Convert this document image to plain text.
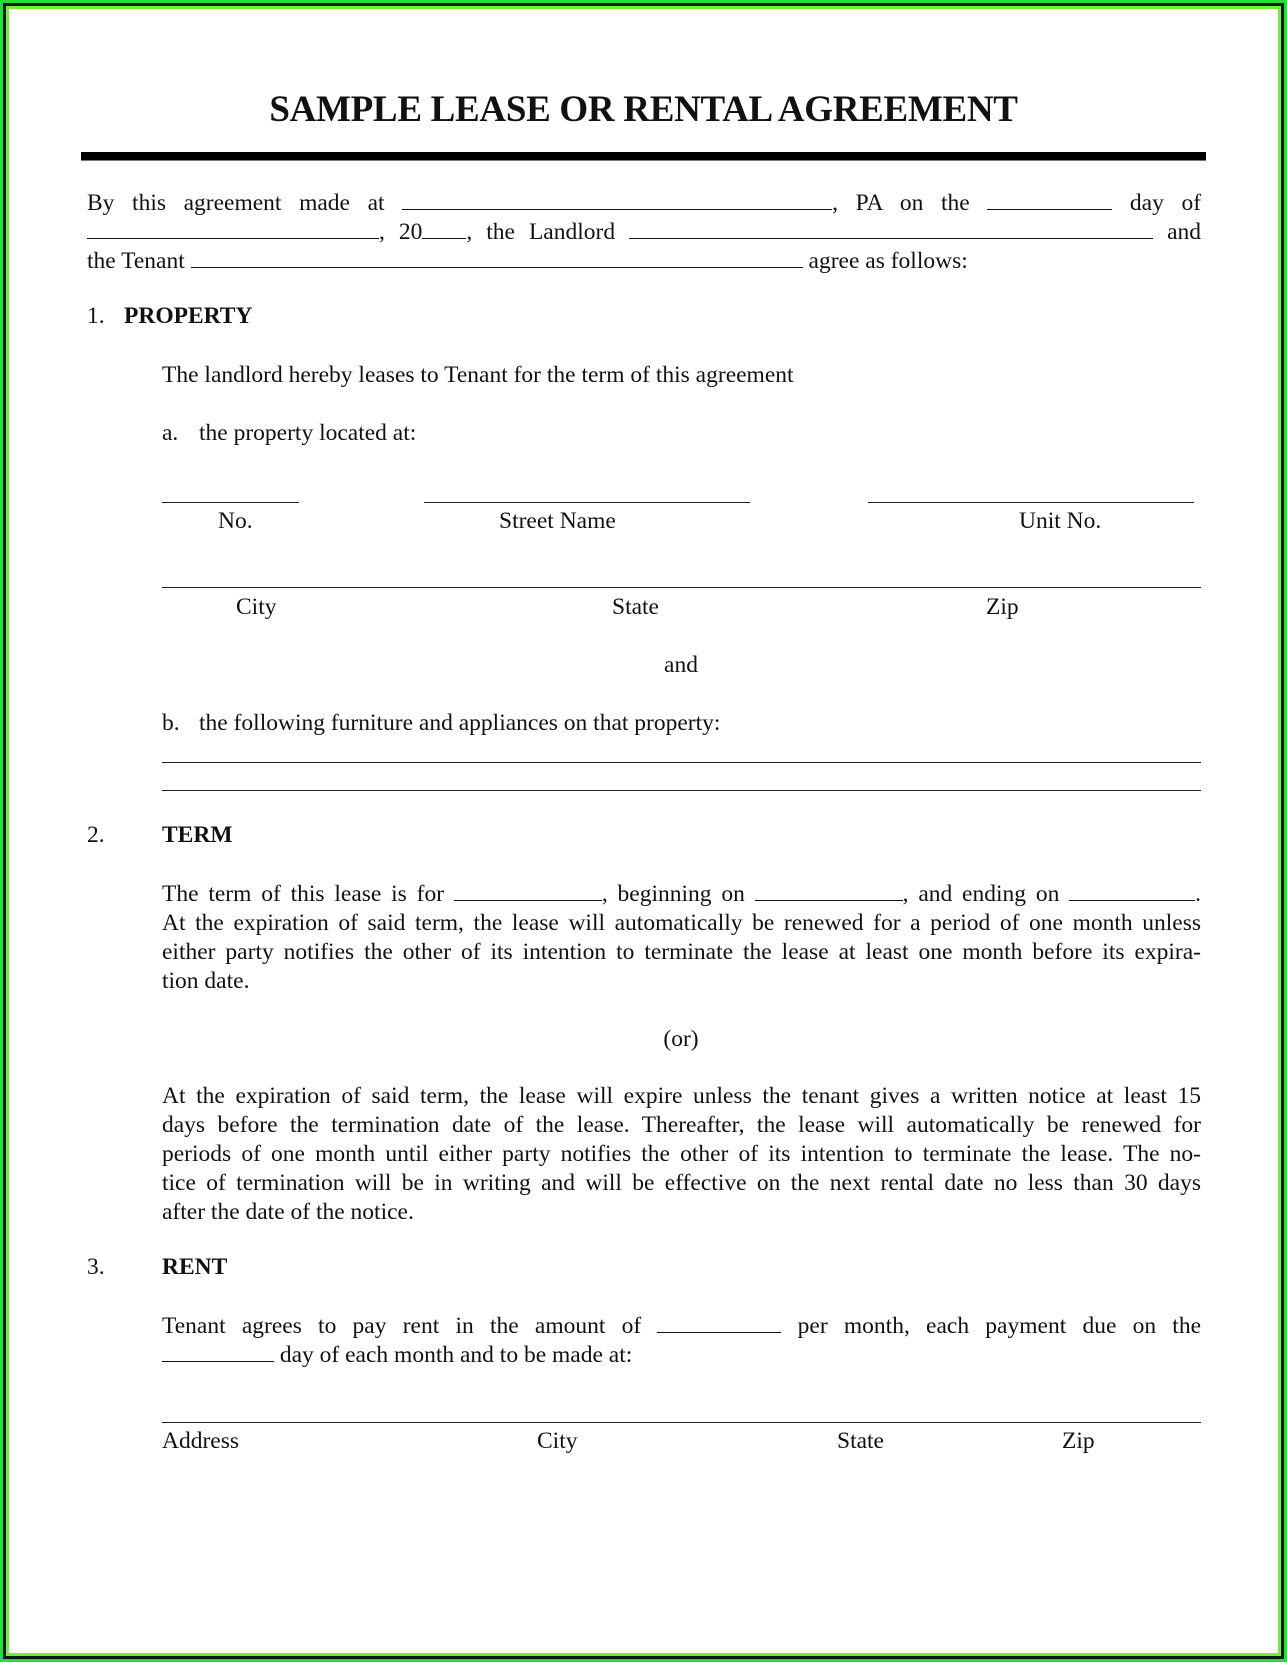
SAMPLE LEASE OR RENTAL AGREEMENT
By this agreement made at	, PA on the	day of
, 20 , the Landlord	and
the Tenant	agree as follows:
1. PROPERTY
The landlord hereby leases to Tenant for the term of this agreement
a. the property located at:
No.	Street Name	Unit No.
City	State	Zip
and
b. the following furniture and appliances on that property:
2. TERM
The term of this lease is for	, beginning on	, and ending on	.
At the expiration of said term, the lease will automatically be renewed for a period of one month unless
either party notifies the other of its intention to terminate the lease at least one month before its expira-
tion date.
(or)
At the expiration of said term, the lease will expire unless the tenant gives a written notice at least 15
days before the termination date of the lease. Thereafter, the lease will automatically be renewed for
periods of one month until either party notifies the other of its intention to terminate the lease. The no-
tice of termination will be in writing and will be effective on the next rental date no less than 30 days
after the date of the notice.
3. RENT
Tenant agrees to pay rent in the amount of	per month, each payment due on the
day of each month and to be made at:
Address	City	State	Zip
